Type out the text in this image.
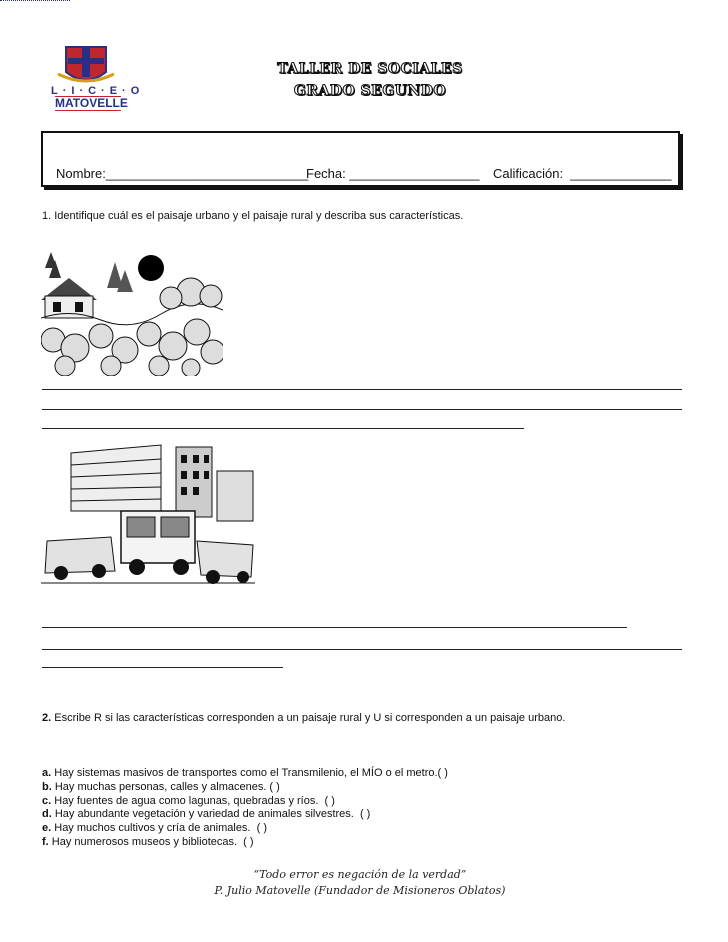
L·I·C·E·O
MATOVELLE
TALLER DE SOCIALES
GRADO SEGUNDO
Nombre:____________________________
Fecha: __________________ Calificación:  ______________
1. Identifique cuál es el paisaje urbano y el paisaje rural y describa sus características.
2. Escribe R si las características corresponden a un paisaje rural y U si corresponden a un paisaje urbano.
a. Hay sistemas masivos de transportes como el Transmilenio, el MÍO o el metro.( )
b. Hay muchas personas, calles y almacenes. ( )
c. Hay fuentes de agua como lagunas, quebradas y ríos.  ( )
d. Hay abundante vegetación y variedad de animales silvestres.  ( )
e. Hay muchos cultivos y cría de animales.  ( )
f. Hay numerosos museos y bibliotecas.  ( )
“Todo error es negación de la verdad”
P. Julio Matovelle (Fundador de Misioneros Oblatos)
